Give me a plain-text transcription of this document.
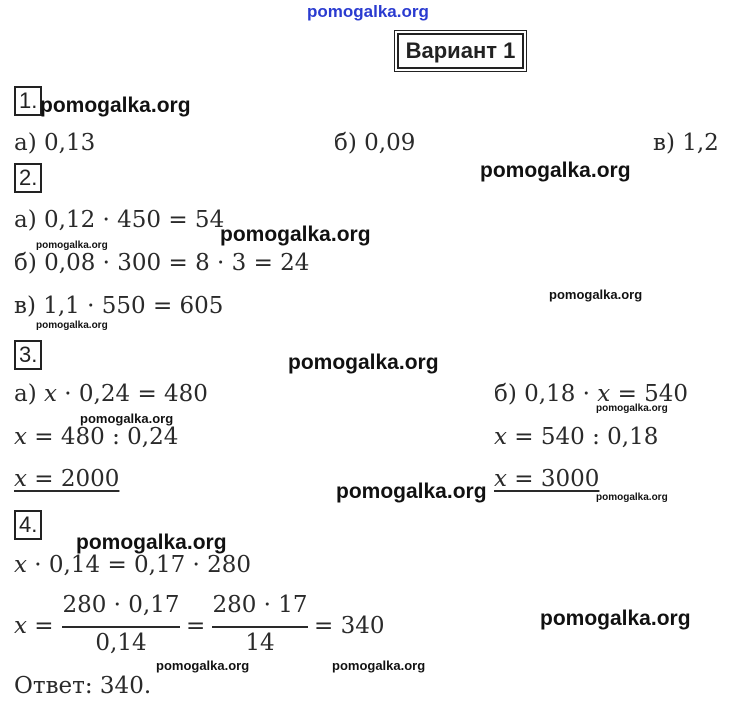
pomogalka.org
Вариант 1
1. pomogalka.org
а) 0,13	б) 0,09	в) 1,2
2.	pomogalka.org
а) 0,12 · 450 = 54
pomogalka.org
pomogalka.org
б) 0,08 · 300 = 8 · 3 = 24
pomogalka.org
в) 1,1 · 550 = 605
pomogalka.org
3.	pomogalka.org
а) x · 0,24 = 480
pomogalka.org
x = 480 : 0,24
x = 2000
б) 0,18 · x = 540
pomogalka.org
x = 540 : 0,18
x = 3000
pomogalka.org	pomogalka.org
4.
pomogalka.org
x · 0,14 = 0,17 · 280
x =
280 · 0,17
0,14
=
280 · 17
14
= 340	pomogalka.org
pomogalka.org	pomogalka.org
Ответ: 340.
